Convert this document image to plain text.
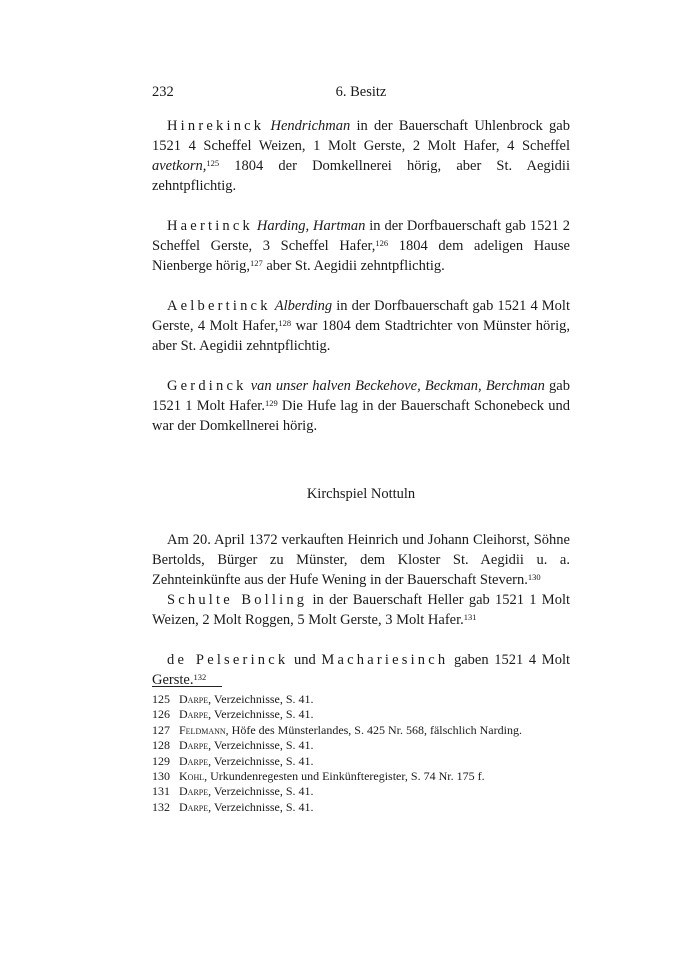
232	6. Besitz

Hinrekinck Hendrichman in der Bauerschaft Uhlenbrock gab 1521 4 Scheffel Weizen, 1 Molt Gerste, 2 Molt Hafer, 4 Scheffel avetkorn,$^{125}$ 1804 der Domkellnerei hörig, aber St. Aegidii zehntpflichtig.

Haertinck Harding, Hartman in der Dorfbauerschaft gab 1521 2 Scheffel Gerste, 3 Scheffel Hafer,$^{126}$ 1804 dem adeligen Hause Nienberge hörig,$^{127}$ aber St. Aegidii zehntpflichtig.

Aelbertinck Alberding in der Dorfbauerschaft gab 1521 4 Molt Gerste, 4 Molt Hafer,$^{128}$ war 1804 dem Stadtrichter von Münster hörig, aber St. Aegidii zehntpflichtig.

Gerdinck van unser halven Beckehove, Beckman, Berchman gab 1521 1 Molt Hafer.$^{129}$ Die Hufe lag in der Bauerschaft Schonebeck und war der Domkellnerei hörig.

Kirchspiel Nottuln

Am 20. April 1372 verkauften Heinrich und Johann Cleihorst, Söhne Bertolds, Bürger zu Münster, dem Kloster St. Aegidii u. a. Zehnteinkünfte aus der Hufe Wening in der Bauerschaft Stevern.$^{130}$

Schulte Bolling in der Bauerschaft Heller gab 1521 1 Molt Weizen, 2 Molt Roggen, 5 Molt Gerste, 3 Molt Hafer.$^{131}$

de Pelserinck und Machariesinch gaben 1521 4 Molt Gerste.$^{132}$

125 Darpe, Verzeichnisse, S. 41.
126 Darpe, Verzeichnisse, S. 41.
127 Feldmann, Höfe des Münsterlandes, S. 425 Nr. 568, fälschlich Narding.
128 Darpe, Verzeichnisse, S. 41.
129 Darpe, Verzeichnisse, S. 41.
130 Kohl, Urkundenregesten und Einkünfteregister, S. 74 Nr. 175 f.
131 Darpe, Verzeichnisse, S. 41.
132 Darpe, Verzeichnisse, S. 41.
